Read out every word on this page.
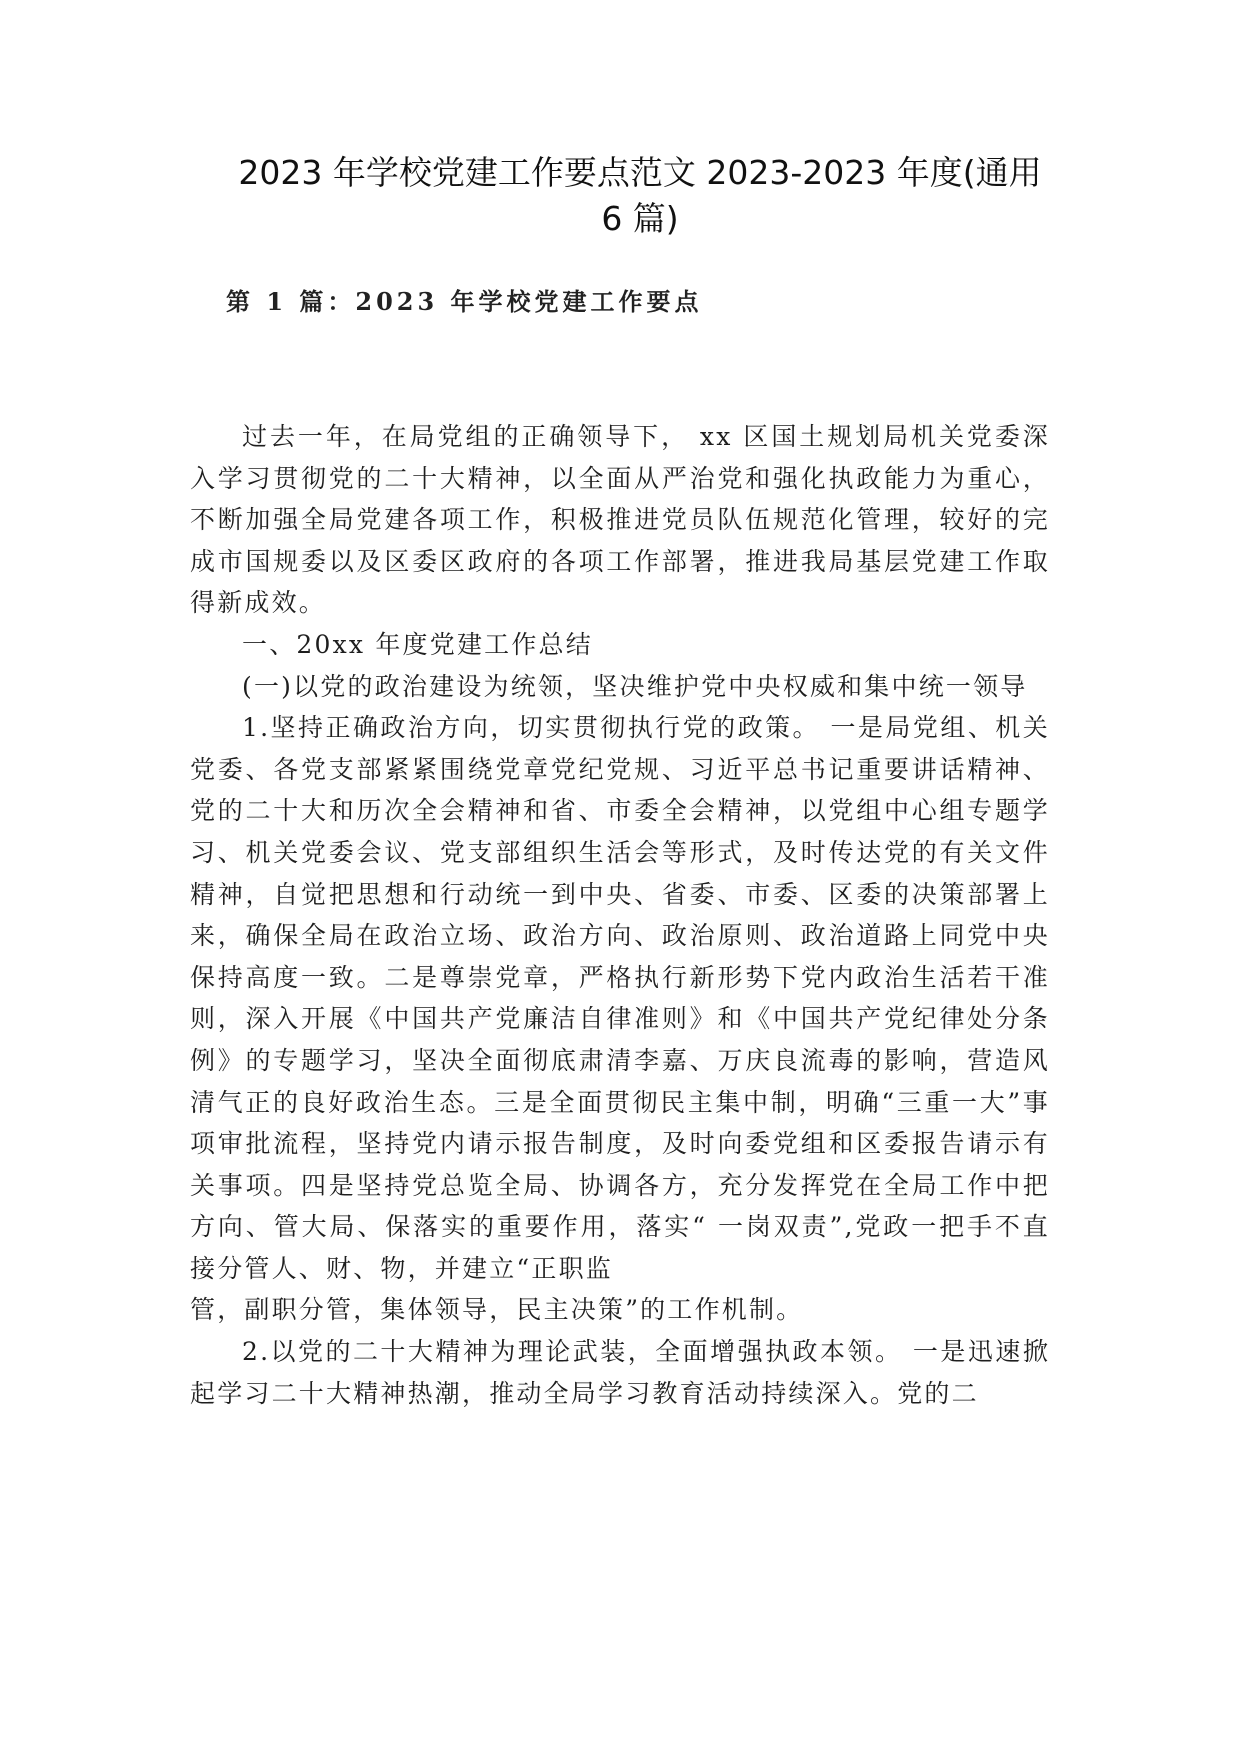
2023 年学校党建工作要点范文 2023-2023 年度(通用 6 篇)
第 1 篇：2023 年学校党建工作要点

过去一年，在局党组的正确领导下， xx 区国土规划局机关党委深入学习贯彻党的二十大精神，以全面从严治党和强化执政能力为重心，不断加强全局党建各项工作，积极推进党员队伍规范化管理，较好的完成市国规委以及区委区政府的各项工作部署，推进我局基层党建工作取得新成效。

一、20xx 年度党建工作总结

(一)以党的政治建设为统领，坚决维护党中央权威和集中统一领导

1.坚持正确政治方向，切实贯彻执行党的政策。 一是局党组、机关党委、各党支部紧紧围绕党章党纪党规、习近平总书记重要讲话精神、党的二十大和历次全会精神和省、市委全会精神，以党组中心组专题学习、机关党委会议、党支部组织生活会等形式，及时传达党的有关文件精神，自觉把思想和行动统一到中央、省委、市委、区委的决策部署上来，确保全局在政治立场、政治方向、政治原则、政治道路上同党中央保持高度一致。二是尊崇党章，严格执行新形势下党内政治生活若干准则，深入开展《中国共产党廉洁自律准则》和《中国共产党纪律处分条例》的专题学习，坚决全面彻底肃清李嘉、万庆良流毒的影响，营造风清气正的良好政治生态。三是全面贯彻民主集中制，明确“三重一大”事项审批流程，坚持党内请示报告制度，及时向委党组和区委报告请示有关事项。四是坚持党总览全局、协调各方，充分发挥党在全局工作中把方向、管大局、保落实的重要作用，落实“ 一岗双责”,党政一把手不直接分管人、财、物，并建立“正职监

管，副职分管，集体领导，民主决策”的工作机制。

2.以党的二十大精神为理论武装，全面增强执政本领。 一是迅速掀起学习二十大精神热潮，推动全局学习教育活动持续深入。党的二
